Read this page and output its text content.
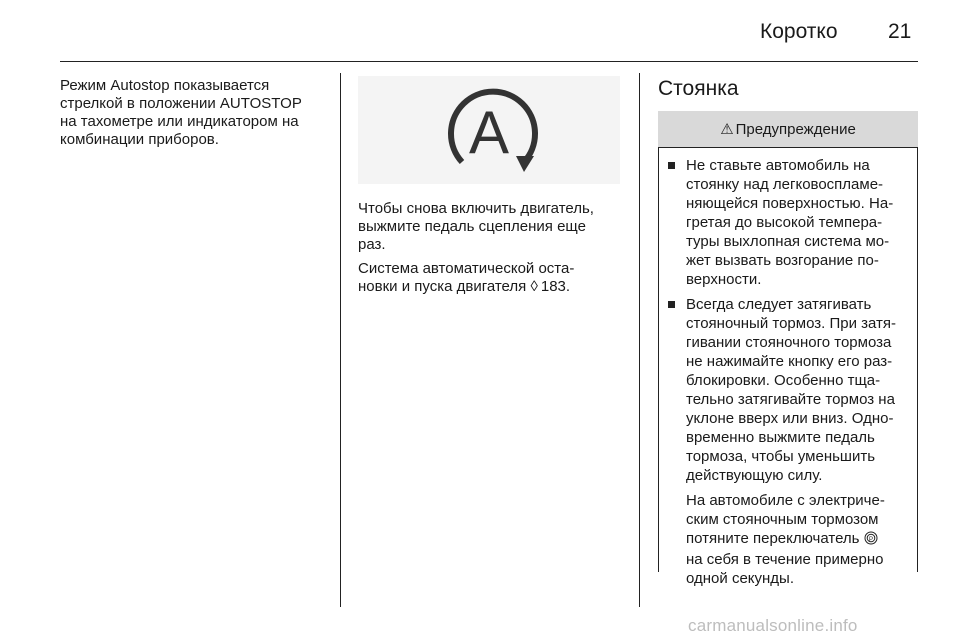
Коротко 21

Режим Autostop показывается

стрелкой в положении AUTOSTOP

на тахометре или индикатором на

комбинации приборов.	A

Чтобы снова включить двигатель,
выжмите педаль сцепления еще
раз.

Система автоматической оста-
новки и пуска двигателя ◊ 183.

Стоянка
⚠ Предупреждение
Не ставьте автомобиль на
стоянку над легковоспламе-
няющейся поверхностью. На-
гретая до высокой темпера-
туры выхлопная система мо-
жет вызвать возгорание по-
верхности.
Всегда следует затягивать
стояночный тормоз. При затя-
гивании стояночного тормоза
не нажимайте кнопку его раз-
блокировки. Особенно тща-
тельно затягивайте тормоз на
уклоне вверх или вниз. Одно-
временно выжмите педаль
тормоза, чтобы уменьшить
действующую силу.

На автомобиле с электриче-
ским стояночным тормозом
потяните переключатель P

на себя в течение примерно
одной секунды.

carmanualsonline.info
